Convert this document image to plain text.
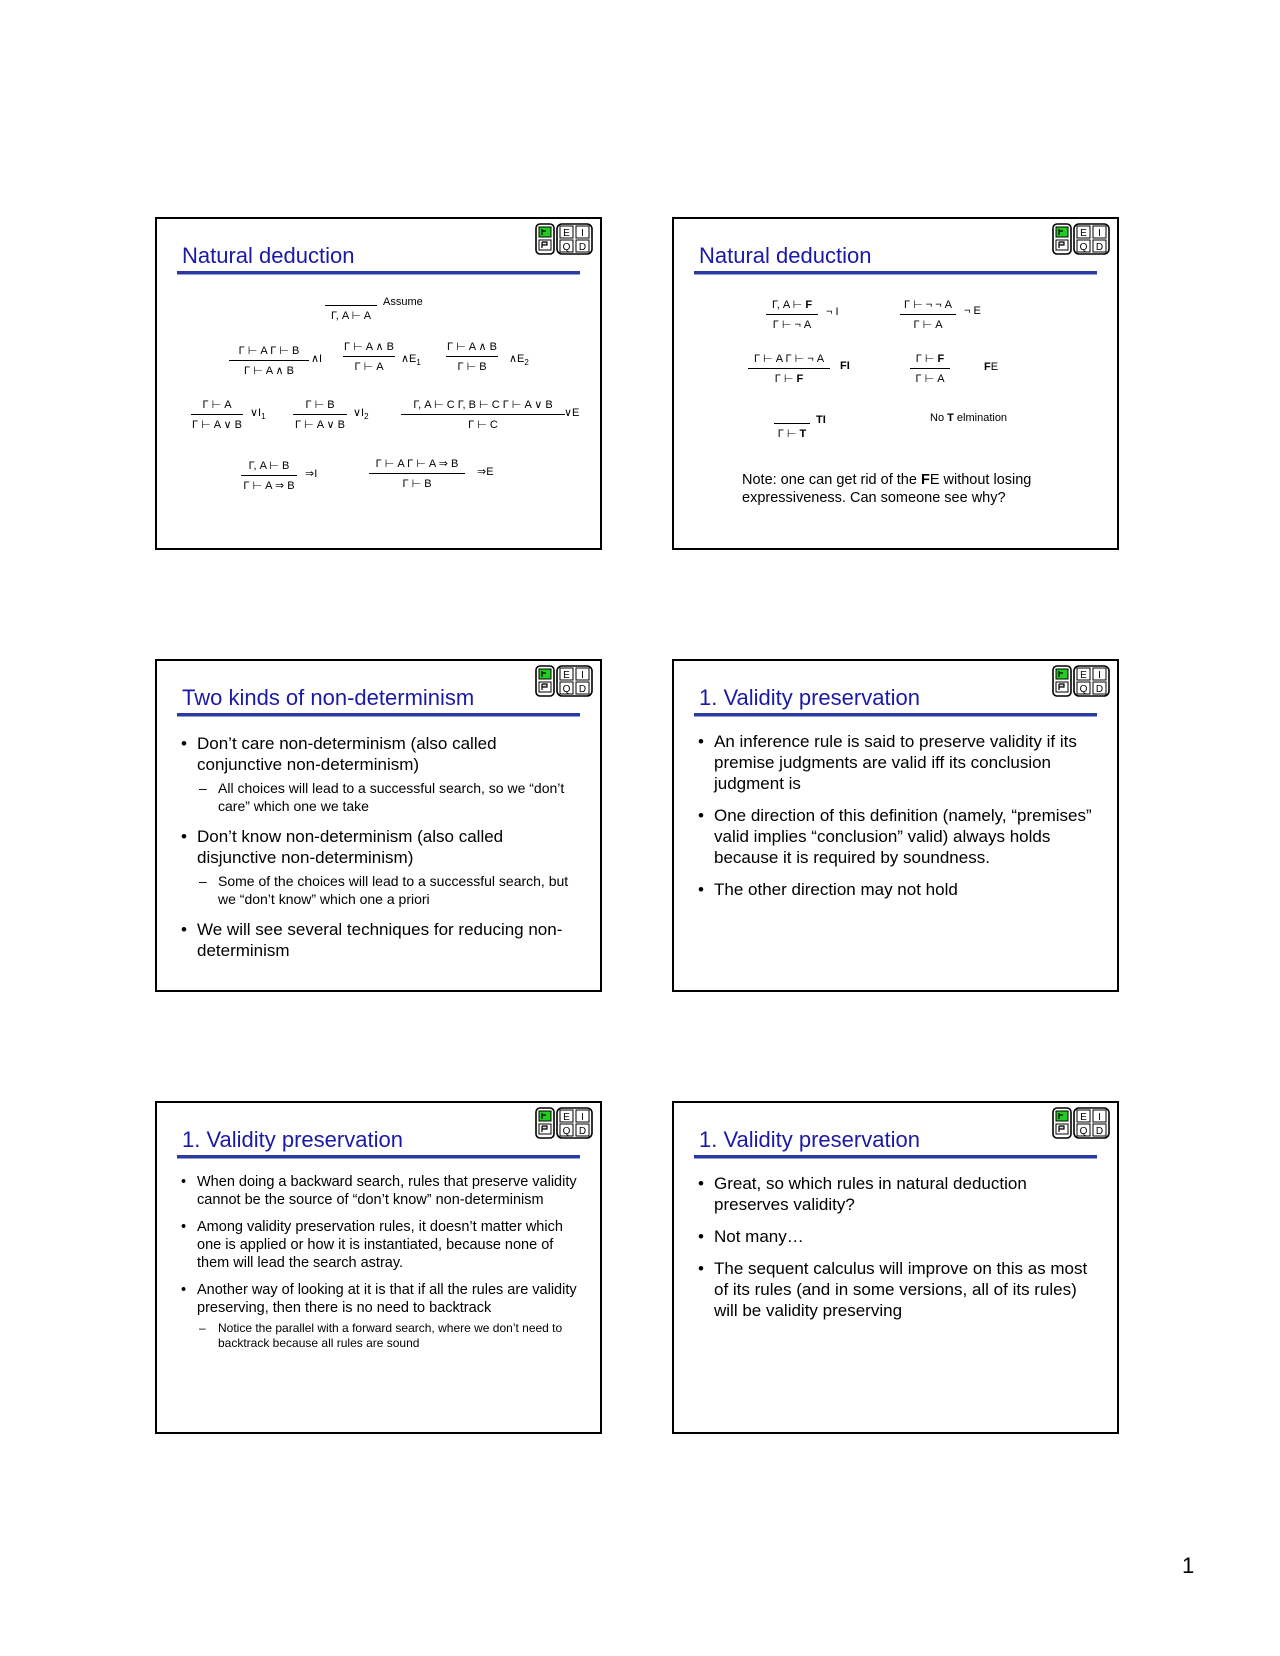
Natural deduction
E I
Q D
Γ, A ⊢ A
Assume
Γ ⊢ A Γ ⊢ B
Γ ⊢ A ∧ B
∧I
Γ ⊢ A ∧ B
Γ ⊢ A
$\wedge E_1$
Γ ⊢ A ∧ B
Γ ⊢ B
$\wedge E_2$
Γ ⊢ A
Γ ⊢ A ∨ B
$\vee I_1$
Γ ⊢ B
Γ ⊢ A ∨ B
$\vee I_2$
Γ, A ⊢ C Γ, B ⊢ C Γ ⊢ A ∨ B
Γ ⊢ C
∨E
Γ, A ⊢ B
Γ ⊢ A ⇒ B
⇒I
Γ ⊢ A Γ ⊢ A ⇒ B
Γ ⊢ B
⇒E
Natural deduction
E I
Q D
Γ, A ⊢ F
Γ ⊢ ¬ A
¬ I
Γ ⊢ ¬ ¬ A
Γ ⊢ A
¬ E
Γ ⊢ A Γ ⊢ ¬ A
Γ ⊢ F
FI
Γ ⊢ F
Γ ⊢ A
FE

Γ ⊢ T
TI	No T elmination
Note: one can get rid of the FE without losing
expressiveness. Can someone see why?
Two kinds of non-determinism
E I
Q D
• Don’t care non-determinism (also called conjunctive non-determinism)
– All choices will lead to a successful search, so we “don’t care” which one we take
• Don’t know non-determinism (also called disjunctive non-determinism)
– Some of the choices will lead to a successful search, but we “don’t know” which one a priori
• We will see several techniques for reducing non-determinism
1. Validity preservation
E I
Q D
• An inference rule is said to preserve validity if its premise judgments are valid iff its conclusion judgment is
• One direction of this definition (namely, “premises” valid implies “conclusion” valid) always holds because it is required by soundness.
• The other direction may not hold
1. Validity preservation
E I
Q D
• When doing a backward search, rules that preserve validity cannot be the source of “don’t know” non-determinism
• Among validity preservation rules, it doesn’t matter which one is applied or how it is instantiated, because none of them will lead the search astray.
• Another way of looking at it is that if all the rules are validity preserving, then there is no need to backtrack
– Notice the parallel with a forward search, where we don’t need to backtrack because all rules are sound
1. Validity preservation
E I
Q D
• Great, so which rules in natural deduction preserves validity?
• Not many…
• The sequent calculus will improve on this as most of its rules (and in some versions, all of its rules) will be validity preserving
1
